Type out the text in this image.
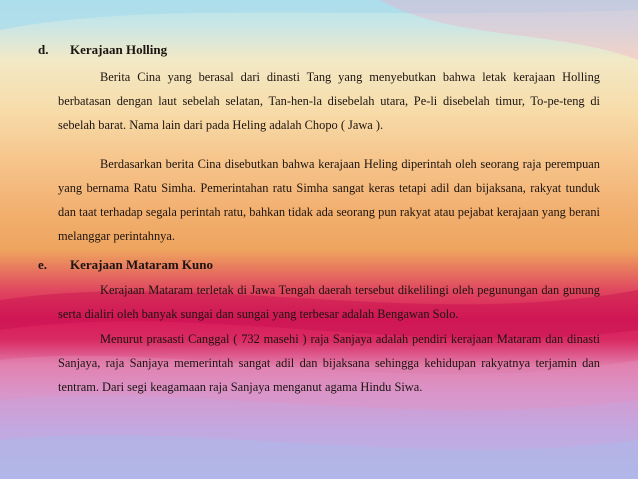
d. Kerajaan Holling
Berita Cina yang berasal dari dinasti Tang yang menyebutkan bahwa letak kerajaan Holling berbatasan dengan laut sebelah selatan, Tan-hen-la disebelah utara, Pe-li disebelah timur, To-pe-teng di sebelah barat. Nama lain dari pada Heling adalah Chopo ( Jawa ).
Berdasarkan berita Cina disebutkan bahwa kerajaan Heling diperintah oleh seorang raja perempuan yang bernama Ratu Simha. Pemerintahan ratu Simha sangat keras tetapi adil dan bijaksana, rakyat tunduk dan taat terhadap segala perintah ratu, bahkan tidak ada seorang pun rakyat atau pejabat kerajaan yang berani melanggar perintahnya.
e. Kerajaan Mataram Kuno
Kerajaan Mataram terletak di Jawa Tengah daerah tersebut dikelilingi oleh pegunungan dan gunung serta dialiri oleh banyak sungai dan sungai yang terbesar adalah Bengawan Solo.
Menurut prasasti Canggal ( 732 masehi ) raja Sanjaya adalah pendiri kerajaan Mataram dan dinasti Sanjaya, raja Sanjaya memerintah sangat adil dan bijaksana sehingga kehidupan rakyatnya terjamin dan tentram. Dari segi keagamaan raja Sanjaya menganut agama Hindu Siwa.
